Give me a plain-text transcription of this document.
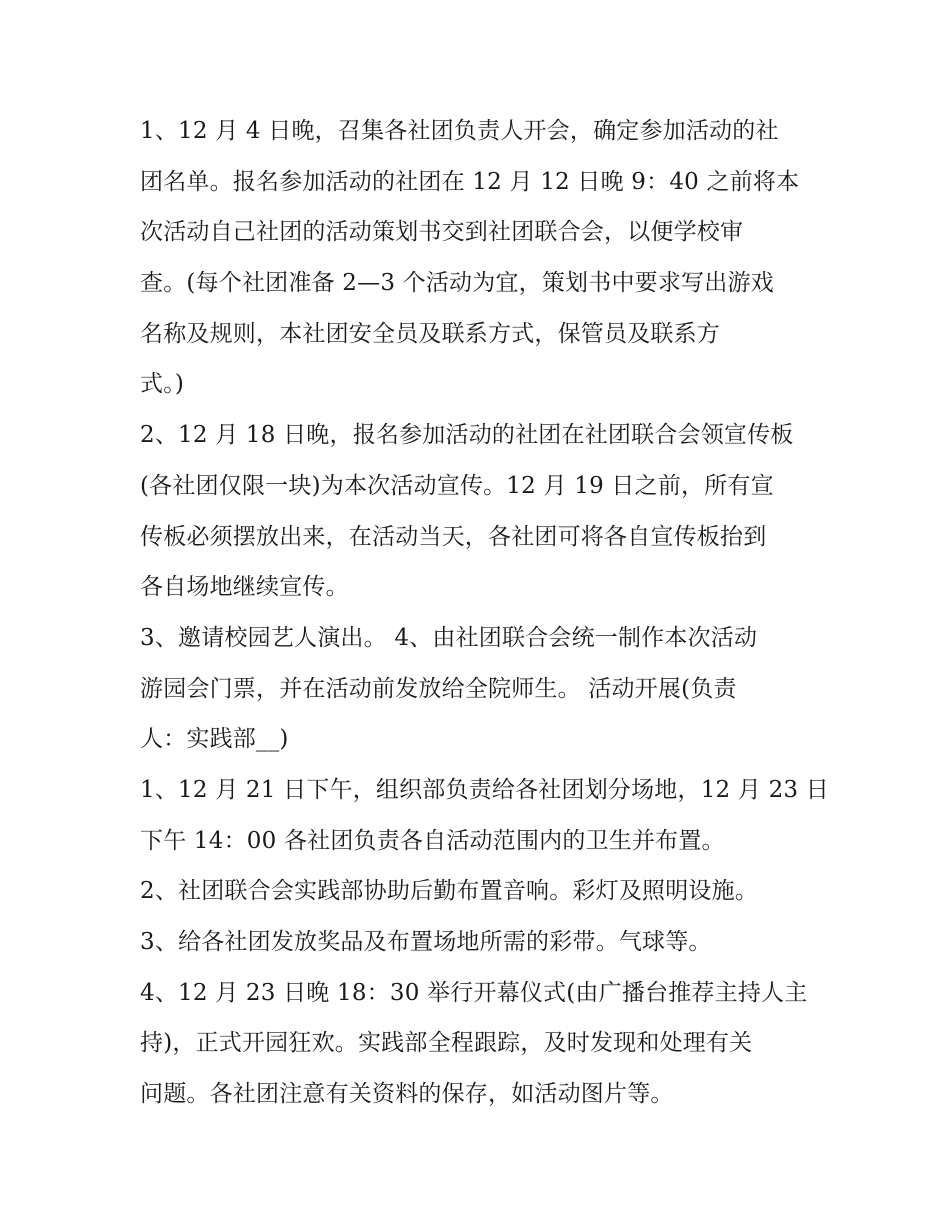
1、12 月 4 日晚，召集各社团负责人开会，确定参加活动的社
团名单。报名参加活动的社团在 12 月 12 日晚 9：40 之前将本
次活动自己社团的活动策划书交到社团联合会，以便学校审
查。(每个社团准备 2—3 个活动为宜，策划书中要求写出游戏
名称及规则，本社团安全员及联系方式，保管员及联系方
式。)
2、12 月 18 日晚，报名参加活动的社团在社团联合会领宣传板
(各社团仅限一块)为本次活动宣传。12 月 19 日之前，所有宣
传板必须摆放出来，在活动当天，各社团可将各自宣传板抬到
各自场地继续宣传。
3、邀请校园艺人演出。 4、由社团联合会统一制作本次活动
游园会门票，并在活动前发放给全院师生。 活动开展(负责
人：实践部__)
1、12 月 21 日下午，组织部负责给各社团划分场地，12 月 23 日
下午 14：00 各社团负责各自活动范围内的卫生并布置。
2、社团联合会实践部协助后勤布置音响。彩灯及照明设施。
3、给各社团发放奖品及布置场地所需的彩带。气球等。
4、12 月 23 日晚 18：30 举行开幕仪式(由广播台推荐主持人主
持)，正式开园狂欢。实践部全程跟踪，及时发现和处理有关
问题。各社团注意有关资料的保存，如活动图片等。
